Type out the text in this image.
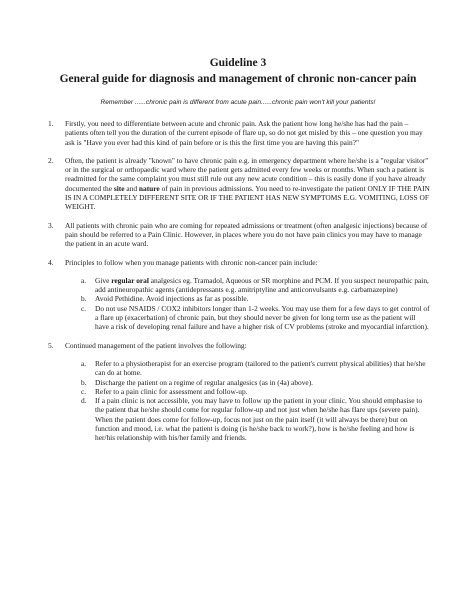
Guideline 3
General guide for diagnosis and management of chronic non-cancer pain

Remember ......chronic pain is different from acute pain......chronic pain won't kill your patients!

1. Firstly, you need to differentiate between acute and chronic pain. Ask the patient how long he/she has had the pain – patients often tell you the duration of the current episode of flare up, so do not get misled by this – one question you may ask is "Have you ever had this kind of pain before or is this the first time you are having this pain?"
2. Often, the patient is already "known" to have chronic pain e.g. in emergency department where he/she is a "regular visitor" or in the surgical or orthopaedic ward where the patient gets admitted every few weeks or months. When such a patient is readmitted for the same complaint you must still rule out any new acute condition – this is easily done if you have already documented the site and nature of pain in previous admissions. You need to re-investigate the patient ONLY IF THE PAIN IS IN A COMPLETELY DIFFERENT SITE OR IF THE PATIENT HAS NEW SYMPTOMS E.G. VOMITING, LOSS OF WEIGHT.
3. All patients with chronic pain who are coming for repeated admissions or treatment (often analgesic injections) because of pain should be referred to a Pain Clinic. However, in places where you do not have pain clinics you may have to manage the patient in an acute ward.
4. Principles to follow when you manage patients with chronic non-cancer pain include:
a. Give regular oral analgesics eg. Tramadol, Aqueous or SR morphine and PCM. If you suspect neuropathic pain, add antineuropathic agents (antidepressants e.g. amitriptyline and anticonvulsants e.g. carbamazepine)
b. Avoid Pethidine. Avoid injections as far as possible.
c. Do not use NSAIDS / COX2 inhibitors longer than 1-2 weeks. You may use them for a few days to get control of a flare up (exacerbation) of chronic pain, but they should never be given for long term use as the patient will have a risk of developing renal failure and have a higher risk of CV problems (stroke and myocardial infarction).
5. Continued management of the patient involves the following:
a. Refer to a physiotherapist for an exercise program (tailored to the patient's current physical abilities) that he/she can do at home.
b. Discharge the patient on a regime of regular analgesics (as in (4a) above).
c. Refer to a pain clinic for assessment and follow-up.
d. If a pain clinic is not accessible, you may have to follow up the patient in your clinic. You should emphasise to the patient that he/she should come for regular follow-up and not just when he/she has flare ups (severe pain). When the patient does come for follow-up, focus not just on the pain itself (it will always be there) but on function and mood, i.e. what the patient is doing (is he/she back to work?), how is he/she feeling and how is her/his relationship with his/her family and friends.
